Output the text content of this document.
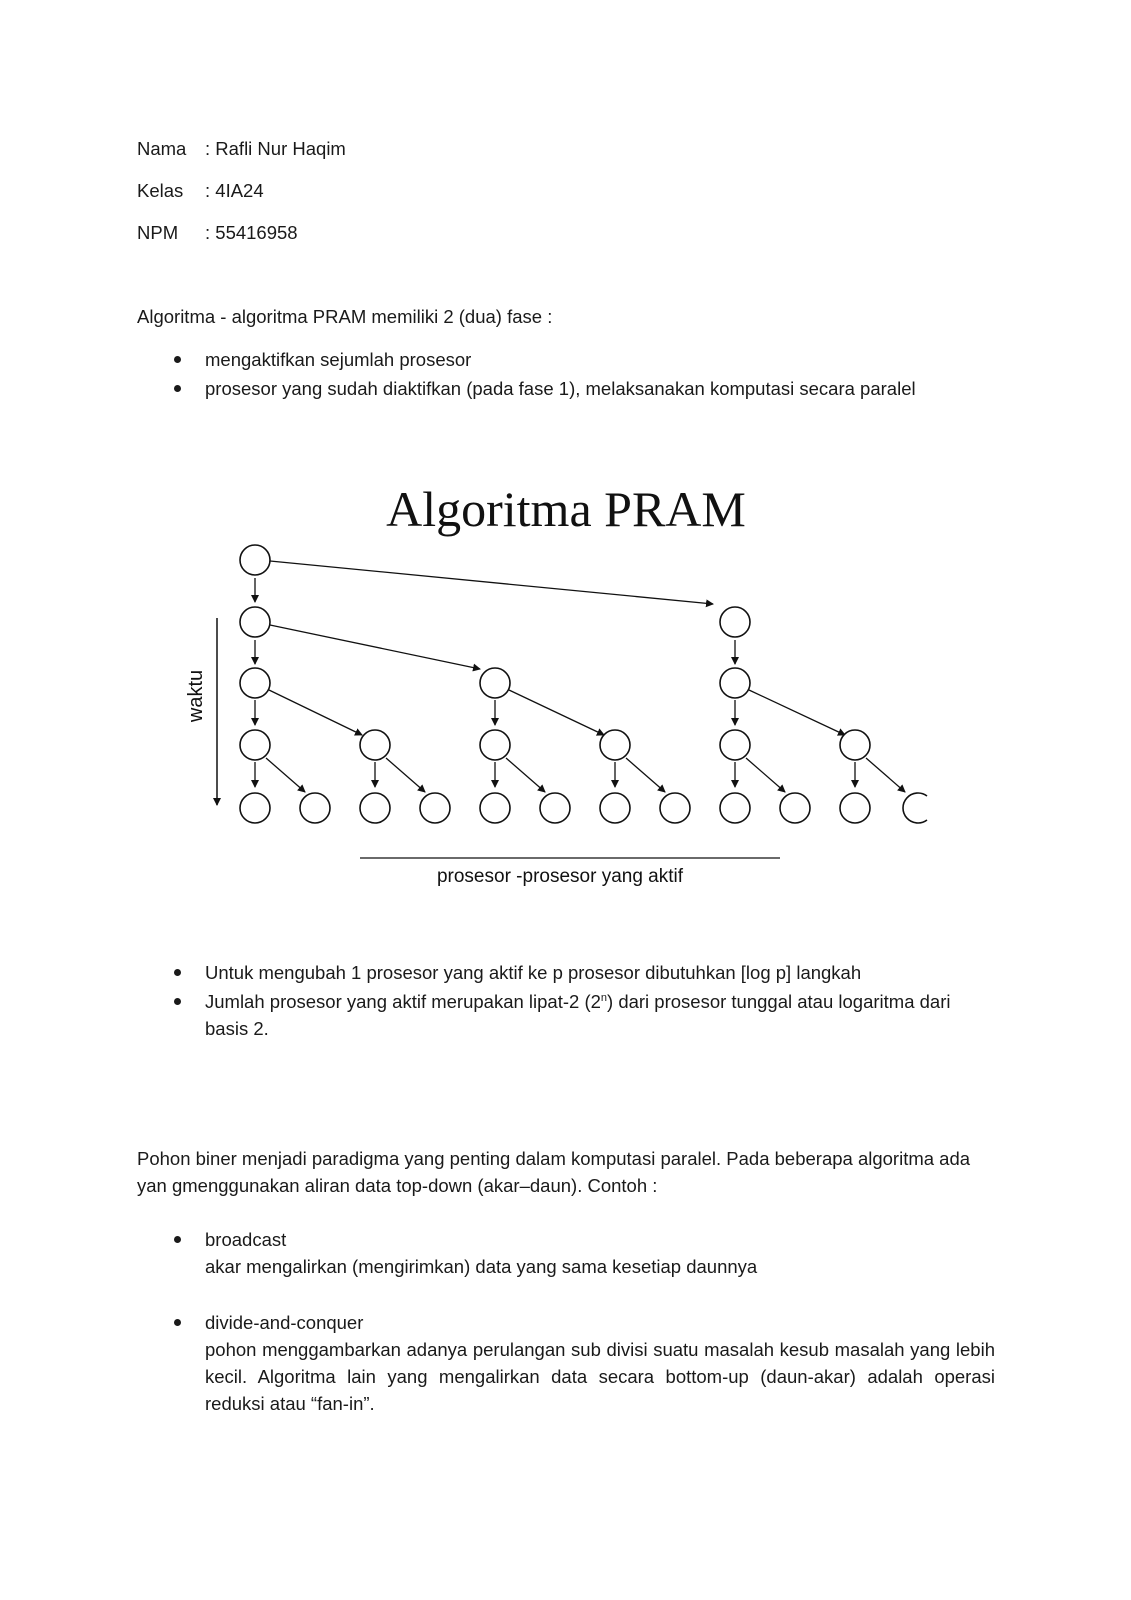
Nama : Rafli Nur Haqim
Kelas : 4IA24
NPM : 55416958
Algoritma - algoritma PRAM memiliki 2 (dua) fase :
mengaktifkan sejumlah prosesor
prosesor yang sudah diaktifkan (pada fase 1), melaksanakan komputasi secara paralel
Algoritma PRAM
waktu
prosesor -prosesor yang aktif
Untuk mengubah 1 prosesor yang aktif ke p prosesor dibutuhkan [log p] langkah
Jumlah prosesor yang aktif merupakan lipat-2 (2$^n$) dari prosesor tunggal atau logaritma dari
basis 2.
Pohon biner menjadi paradigma yang penting dalam komputasi paralel. Pada beberapa algoritma ada
yan gmenggunakan aliran data top-down (akar–daun). Contoh :
broadcast
akar mengalirkan (mengirimkan) data yang sama kesetiap daunnya
divide-and-conquer
pohon menggambarkan adanya perulangan sub divisi suatu masalah kesub masalah yang lebih
kecil. Algoritma lain yang mengalirkan data secara bottom-up (daun-akar) adalah operasi
reduksi atau “fan-in”.
